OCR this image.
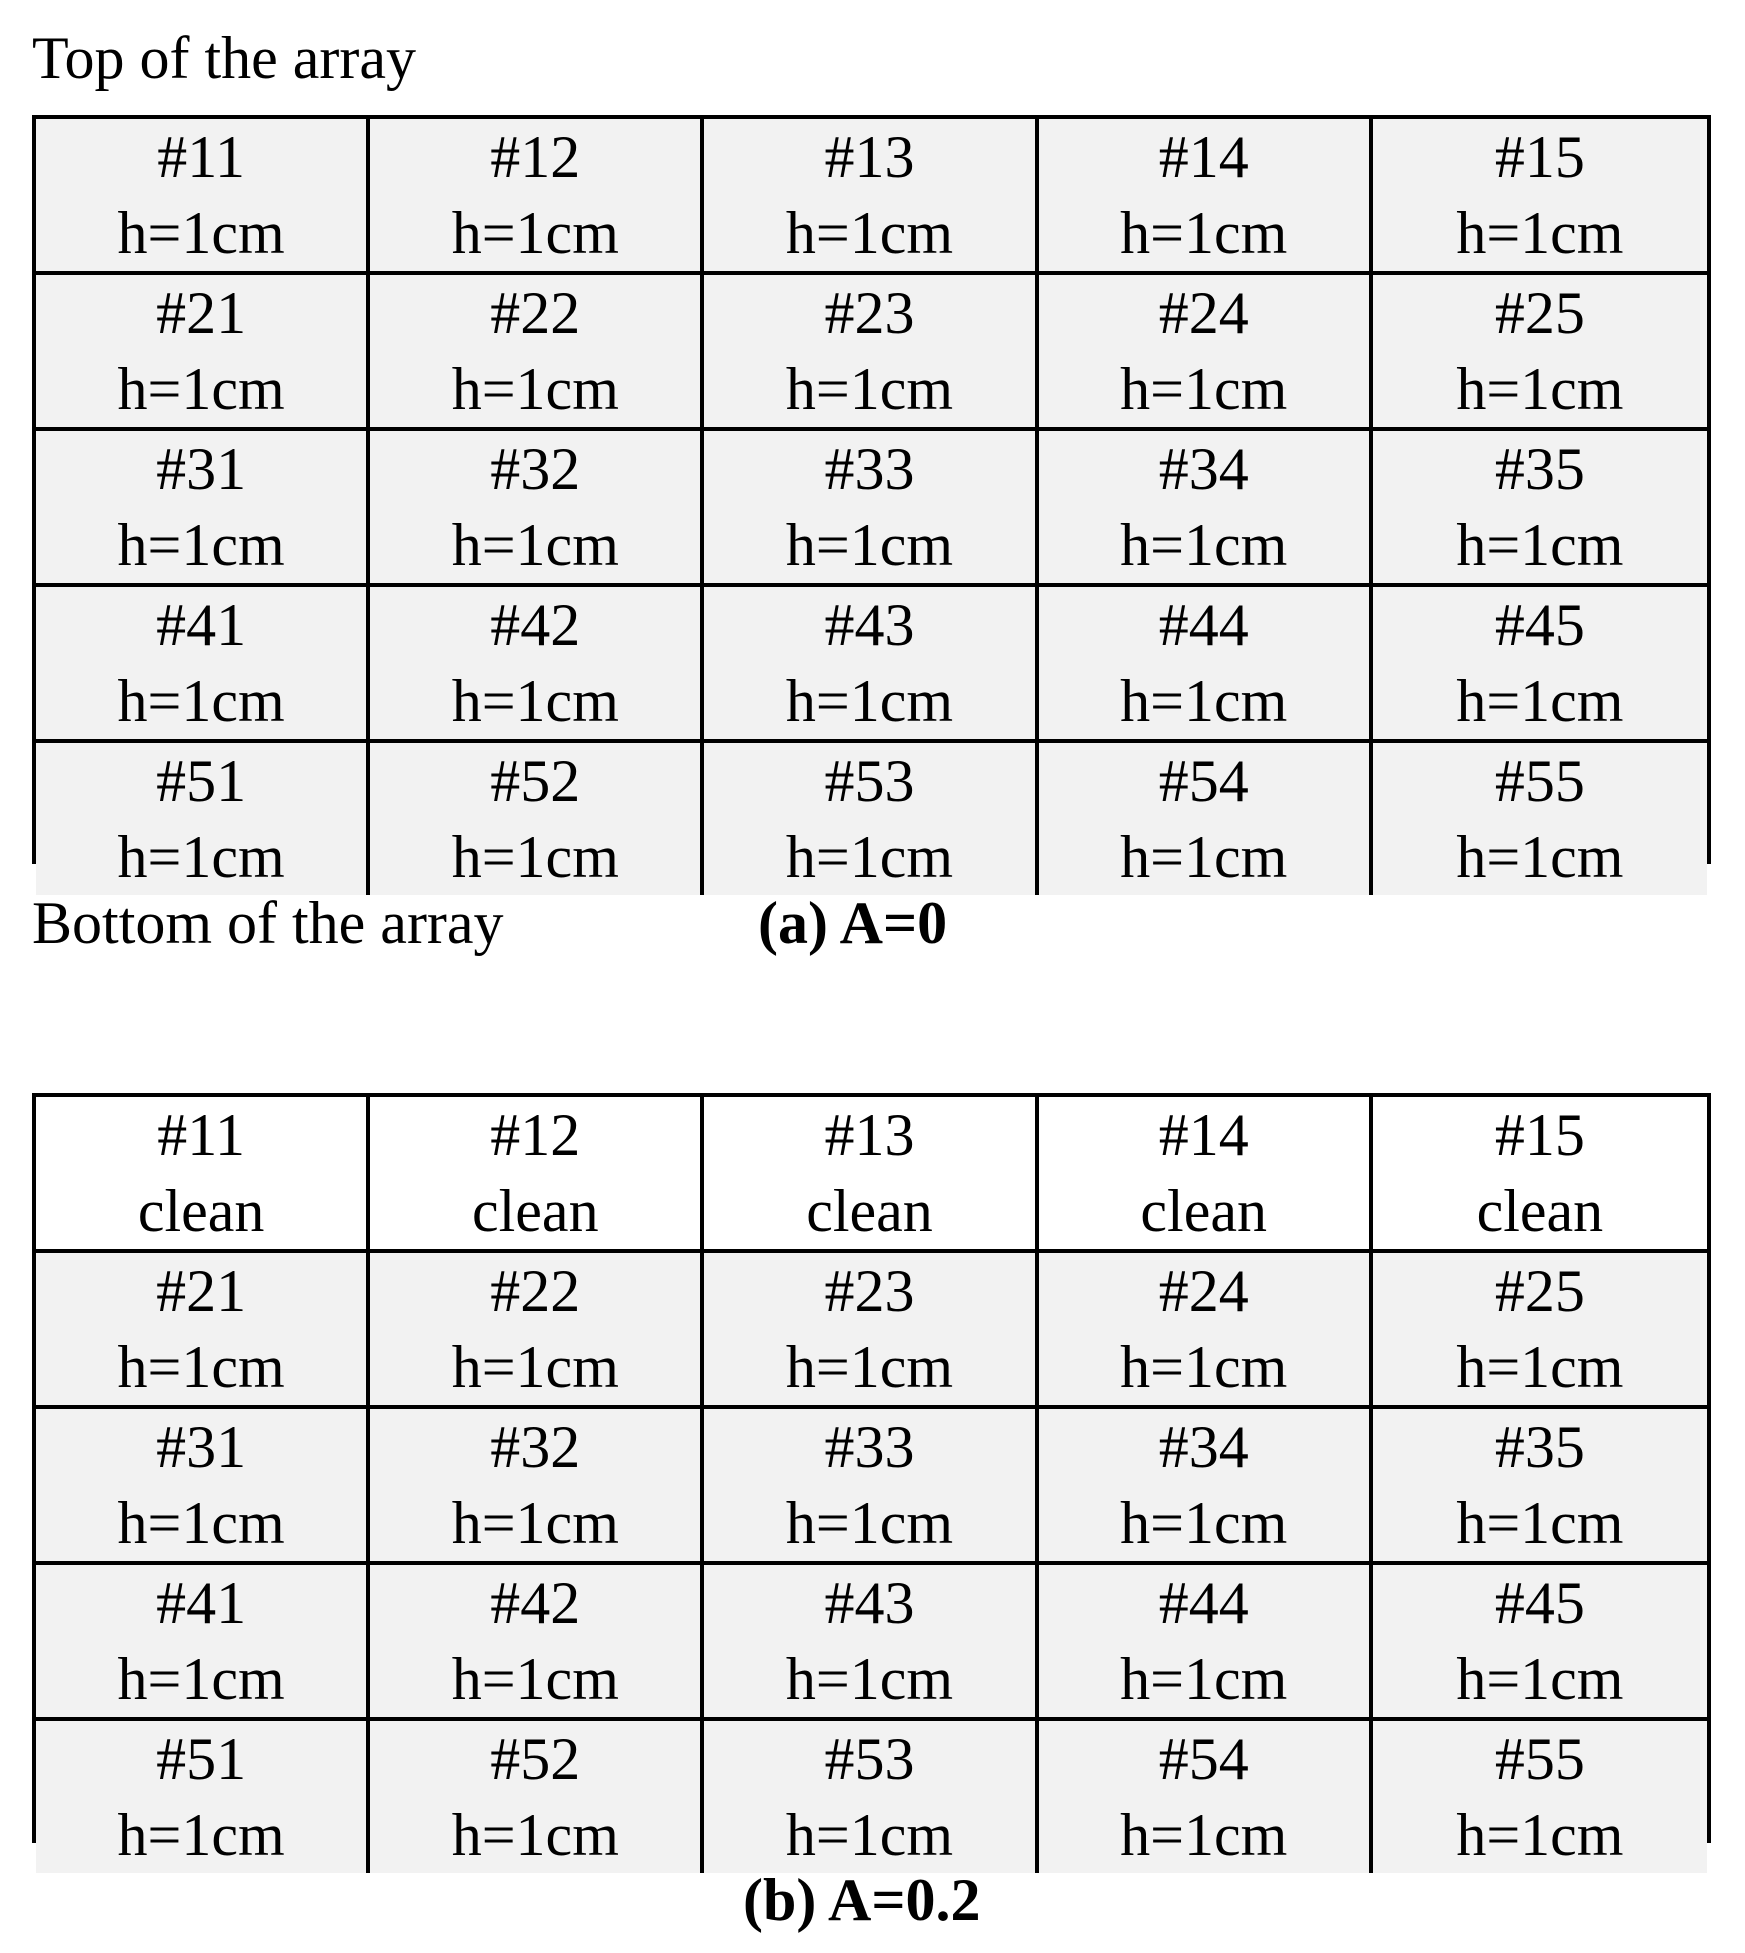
Top of the array
#11
h=1cm
#12
h=1cm
#13
h=1cm
#14
h=1cm
#15
h=1cm
#21
h=1cm
#22
h=1cm
#23
h=1cm
#24
h=1cm
#25
h=1cm
#31
h=1cm
#32
h=1cm
#33
h=1cm
#34
h=1cm
#35
h=1cm
#41
h=1cm
#42
h=1cm
#43
h=1cm
#44
h=1cm
#45
h=1cm
#51
h=1cm
#52
h=1cm
#53
h=1cm
#54
h=1cm
#55
h=1cm
Bottom of the array	(a) A=0
#11
clean
#12
clean
#13
clean
#14
clean
#15
clean
#21
h=1cm
#22
h=1cm
#23
h=1cm
#24
h=1cm
#25
h=1cm
#31
h=1cm
#32
h=1cm
#33
h=1cm
#34
h=1cm
#35
h=1cm
#41
h=1cm
#42
h=1cm
#43
h=1cm
#44
h=1cm
#45
h=1cm
#51
h=1cm
#52
h=1cm
#53
h=1cm
#54
h=1cm
#55
h=1cm
(b) A=0.2
